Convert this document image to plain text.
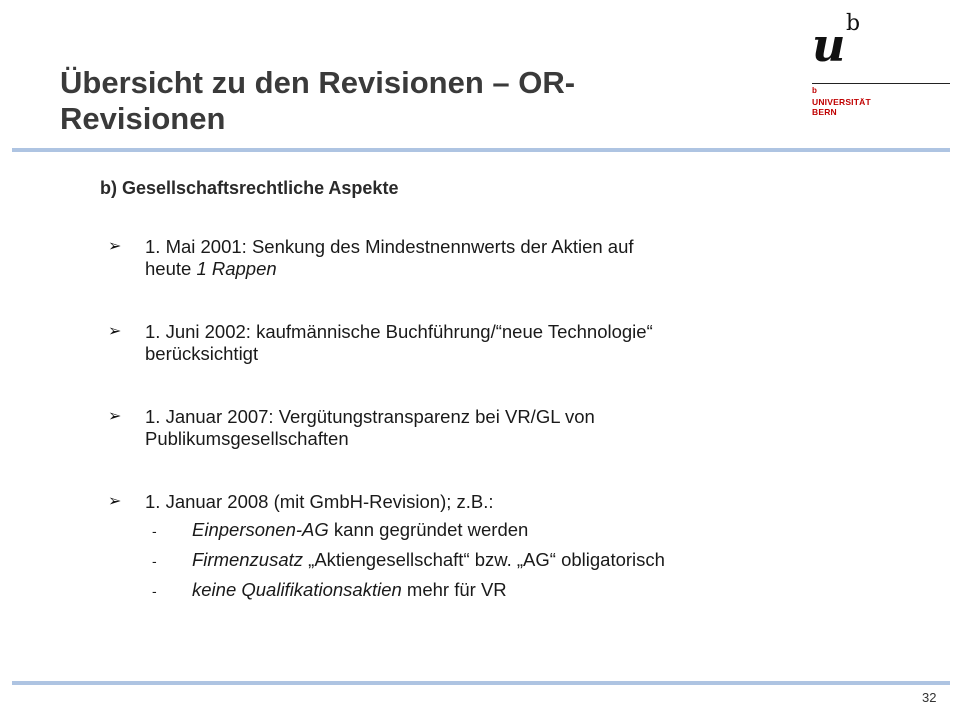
Übersicht zu den Revisionen – OR-
Revisionen
u b
b
UNIVERSITÄT
BERN
b) Gesellschaftsrechtliche Aspekte
➢ 1. Mai 2001: Senkung des Mindestnennwerts der Aktien auf
heute 1 Rappen
➢ 1. Juni 2002: kaufmännische Buchführung/“neue Technologie“
berücksichtigt
➢ 1. Januar 2007: Vergütungstransparenz bei VR/GL von
Publikumsgesellschaften
➢ 1. Januar 2008 (mit GmbH-Revision); z.B.:
- Einpersonen-AG kann gegründet werden
- Firmenzusatz „Aktiengesellschaft“ bzw. „AG“ obligatorisch
- keine Qualifikationsaktien mehr für VR
32
